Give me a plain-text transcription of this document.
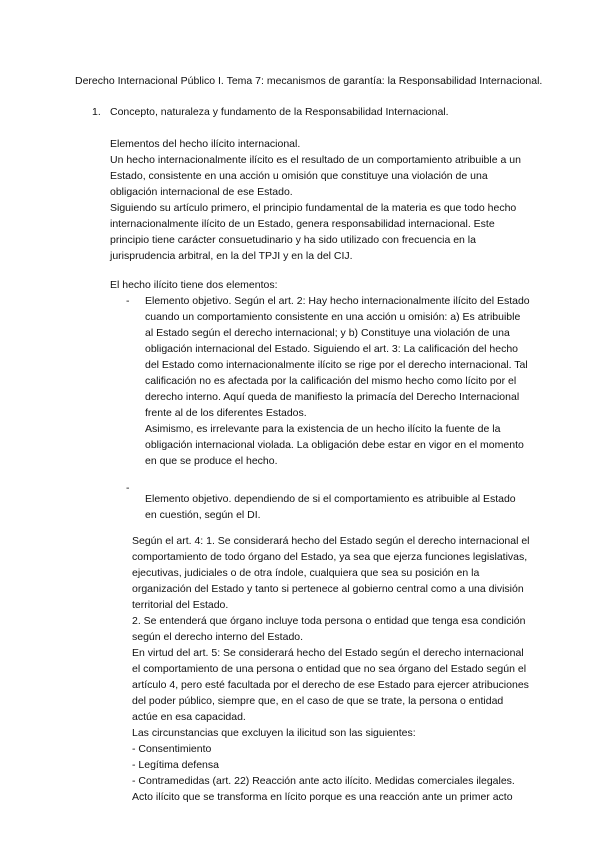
Derecho Internacional Público I. Tema 7: mecanismos de garantía: la Responsabilidad Internacional.
1. Concepto, naturaleza y fundamento de la Responsabilidad Internacional.

Elementos del hecho ilícito internacional.

Un hecho internacionalmente ilícito es el resultado de un comportamiento atribuible a un Estado, consistente en una acción u omisión que constituye una violación de una obligación internacional de ese Estado.

Siguiendo su artículo primero, el principio fundamental de la materia es que todo hecho internacionalmente ilícito de un Estado, genera responsabilidad internacional. Este principio tiene carácter consuetudinario y ha sido utilizado con frecuencia en la jurisprudencia arbitral, en la del TPJI y en la del CIJ.

El hecho ilícito tiene dos elementos:
- Elemento objetivo. Según el art. 2: Hay hecho internacionalmente ilícito del Estado cuando un comportamiento consistente en una acción u omisión: a) Es atribuible al Estado según el derecho internacional; y b) Constituye una violación de una obligación internacional del Estado. Siguiendo el art. 3: La calificación del hecho del Estado como internacionalmente ilícito se rige por el derecho internacional. Tal calificación no es afectada por la calificación del mismo hecho como lícito por el derecho interno. Aquí queda de manifiesto la primacía del Derecho Internacional frente al de los diferentes Estados.

Asimismo, es irrelevante para la existencia de un hecho ilícito la fuente de la obligación internacional violada. La obligación debe estar en vigor en el momento en que se produce el hecho.

-

Elemento objetivo. dependiendo de si el comportamiento es atribuible al Estado en cuestión, según el DI.

Según el art. 4: 1. Se considerará hecho del Estado según el derecho internacional el comportamiento de todo órgano del Estado, ya sea que ejerza funciones legislativas, ejecutivas, judiciales o de otra índole, cualquiera que sea su posición en la organización del Estado y tanto si pertenece al gobierno central como a una división territorial del Estado.

2. Se entenderá que órgano incluye toda persona o entidad que tenga esa condición según el derecho interno del Estado.

En virtud del art. 5: Se considerará hecho del Estado según el derecho internacional el comportamiento de una persona o entidad que no sea órgano del Estado según el artículo 4, pero esté facultada por el derecho de ese Estado para ejercer atribuciones del poder público, siempre que, en el caso de que se trate, la persona o entidad actúe en esa capacidad.

Las circunstancias que excluyen la ilicitud son las siguientes:

- Consentimiento

- Legítima defensa

- Contramedidas (art. 22) Reacción ante acto ilícito. Medidas comerciales ilegales.

Acto ilícito que se transforma en lícito porque es una reacción ante un primer acto
